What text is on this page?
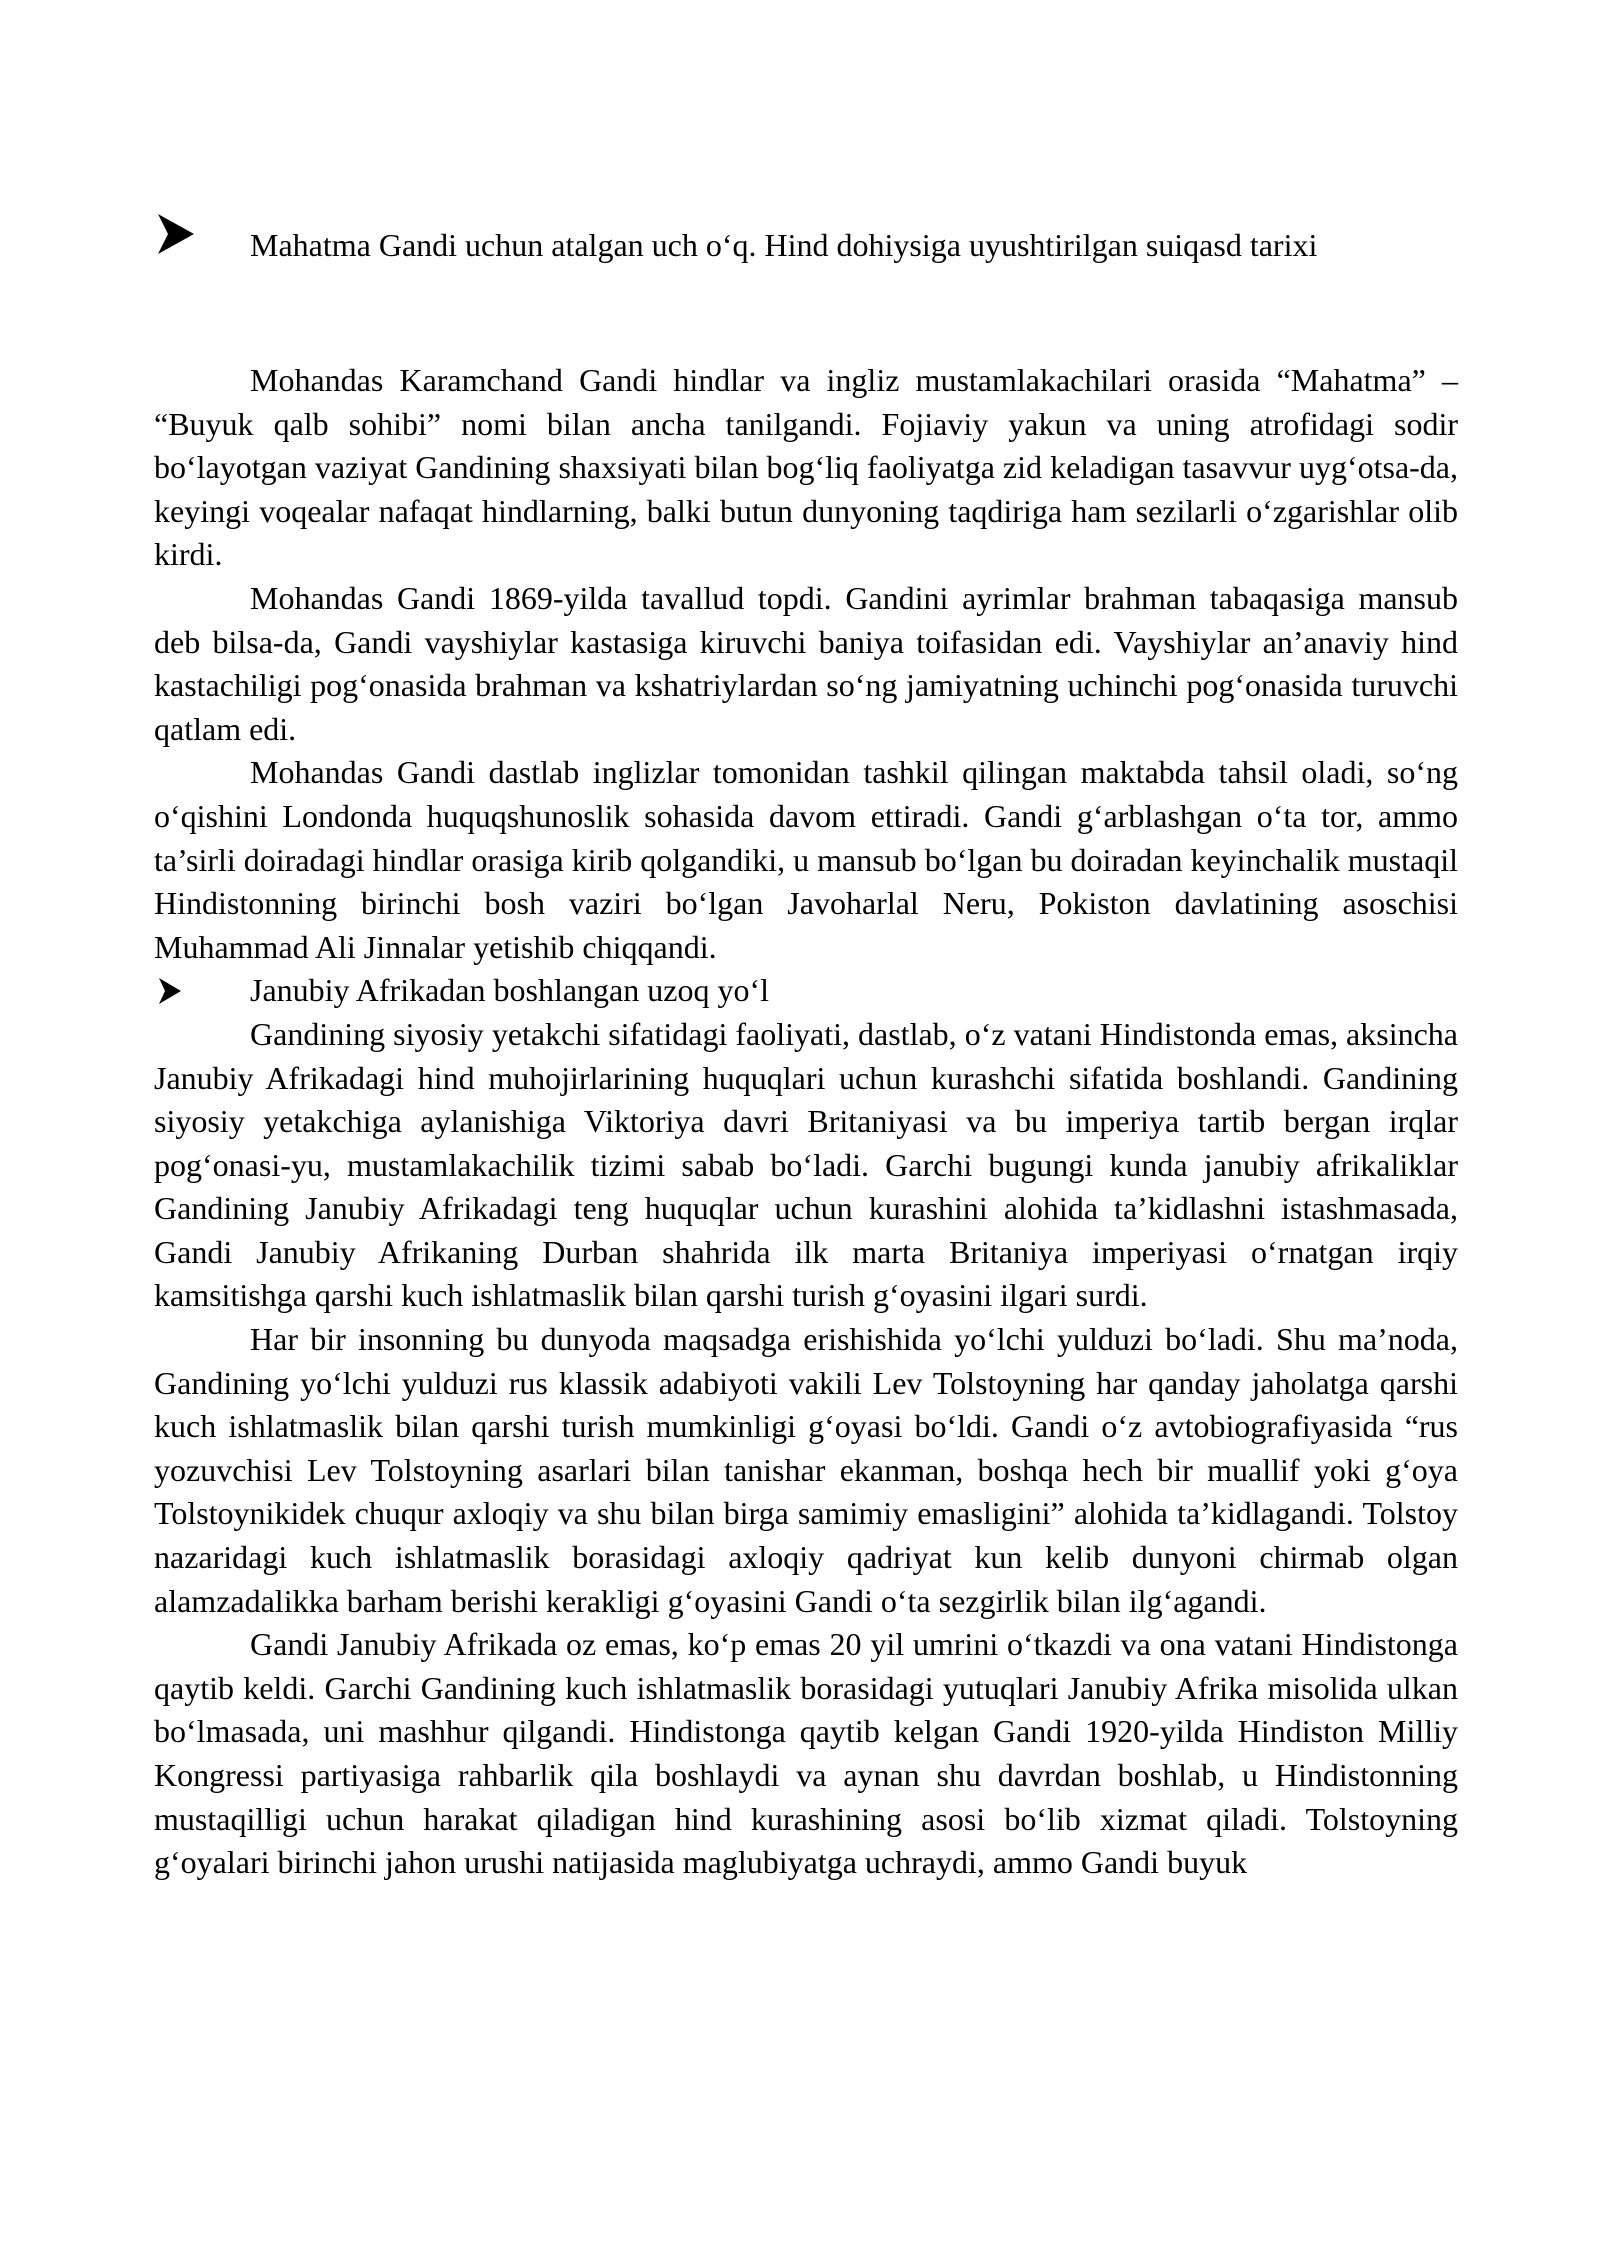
Mahatma Gandi uchun atalgan uch o‘q. Hind dohiysiga uyushtirilgan suiqasd tarixi

Mohandas Karamchand Gandi hindlar va ingliz mustamlakachilari orasida “Mahatma” – “Buyuk qalb sohibi” nomi bilan ancha tanilgandi. Fojiaviy yakun va uning atrofidagi sodir bo‘layotgan vaziyat Gandining shaxsiyati bilan bog‘liq faoliyatga zid keladigan tasavvur uyg‘otsa-da, keyingi voqealar nafaqat hindlarning, balki butun dunyoning taqdiriga ham sezilarli o‘zgarishlar olib kirdi.

Mohandas Gandi 1869-yilda tavallud topdi. Gandini ayrimlar brahman tabaqasiga mansub deb bilsa-da, Gandi vayshiylar kastasiga kiruvchi baniya toifasidan edi. Vayshiylar an’anaviy hind kastachiligi pog‘onasida brahman va kshatriylardan so‘ng jamiyatning uchinchi pog‘onasida turuvchi qatlam edi.

Mohandas Gandi dastlab inglizlar tomonidan tashkil qilingan maktabda tahsil oladi, so‘ng o‘qishini Londonda huquqshunoslik sohasida davom ettiradi. Gandi g‘arblashgan o‘ta tor, ammo ta’sirli doiradagi hindlar orasiga kirib qolgandiki, u mansub bo‘lgan bu doiradan keyinchalik mustaqil Hindistonning birinchi bosh vaziri bo‘lgan Javoharlal Neru, Pokiston davlatining asoschisi Muhammad Ali Jinnalar yetishib chiqqandi.

Janubiy Afrikadan boshlangan uzoq yo‘l

Gandining siyosiy yetakchi sifatidagi faoliyati, dastlab, o‘z vatani Hindistonda emas, aksincha Janubiy Afrikadagi hind muhojirlarining huquqlari uchun kurashchi sifatida boshlandi. Gandining siyosiy yetakchiga aylanishiga Viktoriya davri Britaniyasi va bu imperiya tartib bergan irqlar pog‘onasi-yu, mustamlakachilik tizimi sabab bo‘ladi. Garchi bugungi kunda janubiy afrikaliklar Gandining Janubiy Afrikadagi teng huquqlar uchun kurashini alohida ta’kidlashni istashmasada, Gandi Janubiy Afrikaning Durban shahrida ilk marta Britaniya imperiyasi o‘rnatgan irqiy kamsitishga qarshi kuch ishlatmaslik bilan qarshi turish g‘oyasini ilgari surdi.

Har bir insonning bu dunyoda maqsadga erishishida yo‘lchi yulduzi bo‘ladi. Shu ma’noda, Gandining yo‘lchi yulduzi rus klassik adabiyoti vakili Lev Tolstoyning har qanday jaholatga qarshi kuch ishlatmaslik bilan qarshi turish mumkinligi g‘oyasi bo‘ldi. Gandi o‘z avtobiografiyasida “rus yozuvchisi Lev Tolstoyning asarlari bilan tanishar ekanman, boshqa hech bir muallif yoki g‘oya Tolstoynikidek chuqur axloqiy va shu bilan birga samimiy emasligini” alohida ta’kidlagandi. Tolstoy nazaridagi kuch ishlatmaslik borasidagi axloqiy qadriyat kun kelib dunyoni chirmab olgan alamzadalikka barham berishi kerakligi g‘oyasini Gandi o‘ta sezgirlik bilan ilg‘agandi.

Gandi Janubiy Afrikada oz emas, ko‘p emas 20 yil umrini o‘tkazdi va ona vatani Hindistonga qaytib keldi. Garchi Gandining kuch ishlatmaslik borasidagi yutuqlari Janubiy Afrika misolida ulkan bo‘lmasada, uni mashhur qilgandi. Hindistonga qaytib kelgan Gandi 1920-yilda Hindiston Milliy Kongressi partiyasiga rahbarlik qila boshlaydi va aynan shu davrdan boshlab, u Hindistonning mustaqilligi uchun harakat qiladigan hind kurashining asosi bo‘lib xizmat qiladi. Tolstoyning g‘oyalari birinchi jahon urushi natijasida maglubiyatga uchraydi, ammo Gandi buyuk
